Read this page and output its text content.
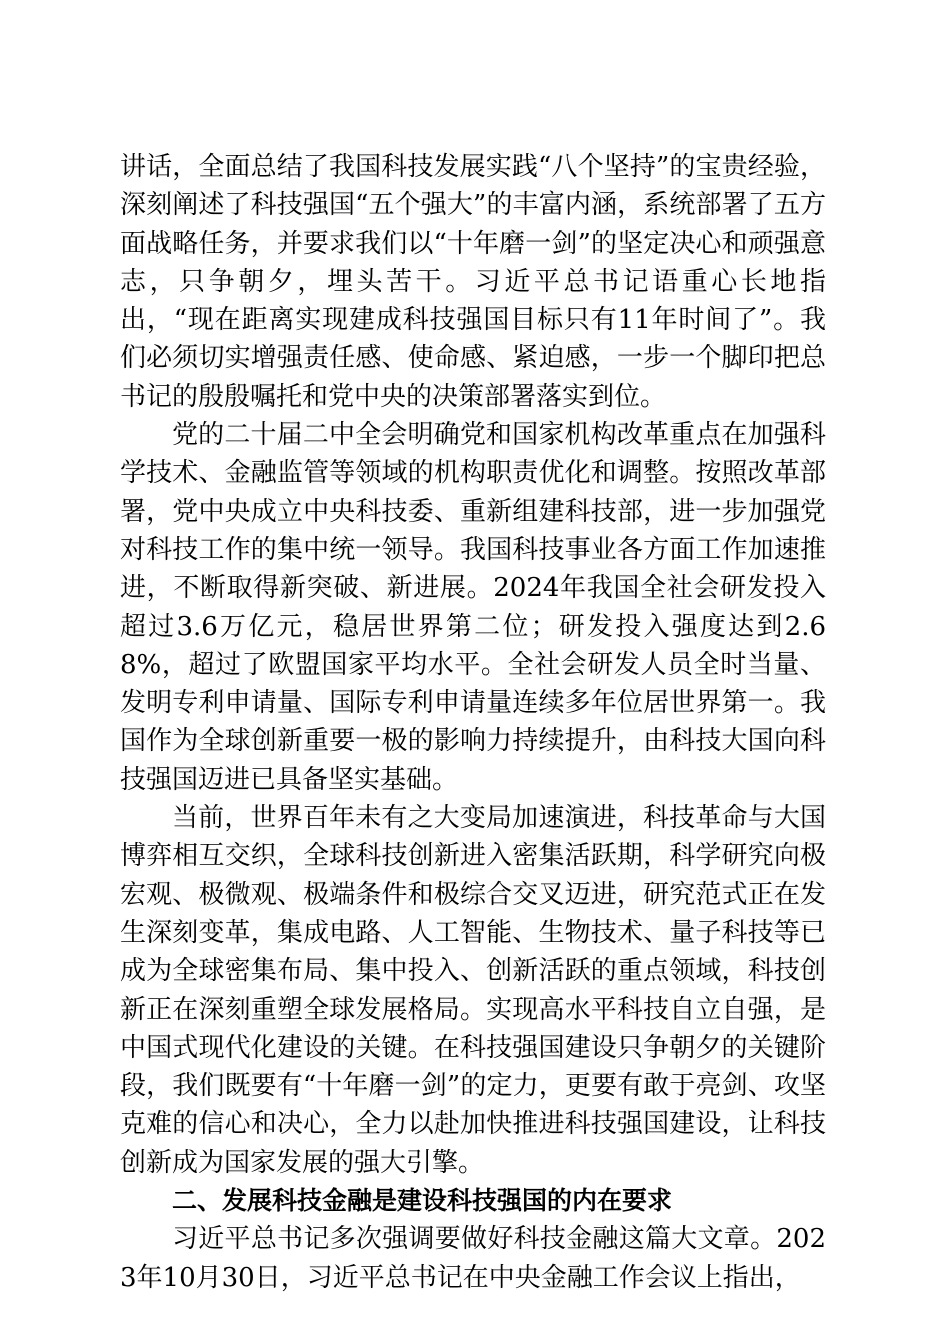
讲话，全面总结了我国科技发展实践“八个坚持”的宝贵经验，深刻阐述了科技强国“五个强大”的丰富内涵，系统部署了五方面战略任务，并要求我们以“十年磨一剑”的坚定决心和顽强意志，只争朝夕，埋头苦干。习近平总书记语重心长地指出，“现在距离实现建成科技强国目标只有11年时间了”。我们必须切实增强责任感、使命感、紧迫感，一步一个脚印把总书记的殷殷嘱托和党中央的决策部署落实到位。

党的二十届二中全会明确党和国家机构改革重点在加强科学技术、金融监管等领域的机构职责优化和调整。按照改革部署，党中央成立中央科技委、重新组建科技部，进一步加强党对科技工作的集中统一领导。我国科技事业各方面工作加速推进，不断取得新突破、新进展。2024年我国全社会研发投入超过3.6万亿元，稳居世界第二位；研发投入强度达到2.68%，超过了欧盟国家平均水平。全社会研发人员全时当量、发明专利申请量、国际专利申请量连续多年位居世界第一。我国作为全球创新重要一极的影响力持续提升，由科技大国向科技强国迈进已具备坚实基础。

当前，世界百年未有之大变局加速演进，科技革命与大国博弈相互交织，全球科技创新进入密集活跃期，科学研究向极宏观、极微观、极端条件和极综合交叉迈进，研究范式正在发生深刻变革，集成电路、人工智能、生物技术、量子科技等已成为全球密集布局、集中投入、创新活跃的重点领域，科技创新正在深刻重塑全球发展格局。实现高水平科技自立自强，是中国式现代化建设的关键。在科技强国建设只争朝夕的关键阶段，我们既要有“十年磨一剑”的定力，更要有敢于亮剑、攻坚克难的信心和决心，全力以赴加快推进科技强国建设，让科技创新成为国家发展的强大引擎。

二、发展科技金融是建设科技强国的内在要求

习近平总书记多次强调要做好科技金融这篇大文章。2023年10月30日，习近平总书记在中央金融工作会议上指出，
